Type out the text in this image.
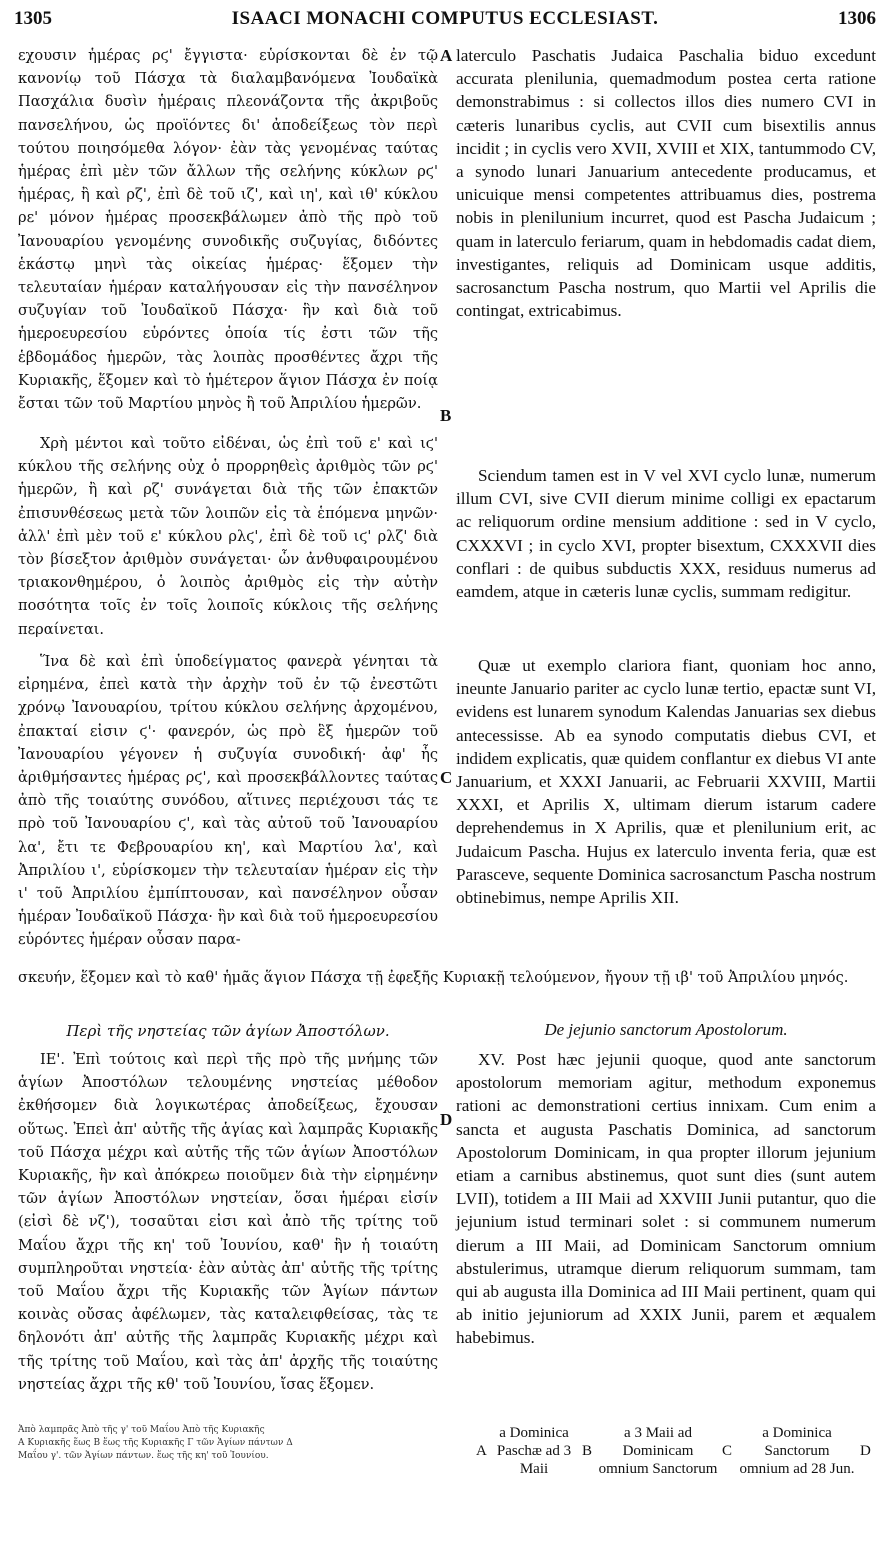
1305	ISAACI MONACHI COMPUTUS ECCLESIAST.	1306

εχουσιν ἡμέρας ρϛ' ἔγγιστα· εὑρίσκονται δὲ ἐν τῷ κανονίῳ τοῦ Πάσχα τὰ διαλαμβανόμενα Ἰουδαϊκὰ Πασχάλια δυσὶν ἡμέραις πλεονάζοντα τῆς ἀκριβοῦς πανσελήνου, ὡς προϊόντες δι' ἀποδείξεως τὸν περὶ τούτου ποιησόμεθα λόγον· ἐὰν τὰς γενομένας ταύτας ἡμέρας ἐπὶ μὲν τῶν ἄλλων τῆς σελήνης κύκλων ρϛ' ἡμέρας, ἢ καὶ ρζ', ἐπὶ δὲ τοῦ ιζ', καὶ ιη', καὶ ιθ' κύκλου ρε' μόνον ἡμέρας προσεκβάλωμεν ἀπὸ τῆς πρὸ τοῦ Ἰανουαρίου γενομένης συνοδικῆς συζυγίας, διδόντες ἑκάστῳ μηνὶ τὰς οἰκείας ἡμέρας· ἕξομεν τὴν τελευταίαν ἡμέραν καταλήγουσαν εἰς τὴν πανσέληνον συζυγίαν τοῦ Ἰουδαϊκοῦ Πάσχα· ἣν καὶ διὰ τοῦ ἡμεροευρεσίου εὑρόντες ὁποία τίς ἐστι τῶν τῆς ἑβδομάδος ἡμερῶν, τὰς λοιπὰς προσθέντες ἄχρι τῆς Κυριακῆς, ἕξομεν καὶ τὸ ἡμέτερον ἅγιον Πάσχα ἐν ποίᾳ ἔσται τῶν τοῦ Μαρτίου μηνὸς ἢ τοῦ Ἀπριλίου ἡμερῶν.

Χρὴ μέντοι καὶ τοῦτο εἰδέναι, ὡς ἐπὶ τοῦ ε' καὶ ιϛ' κύκλου τῆς σελήνης οὐχ ὁ προρρηθεὶς ἀριθμὸς τῶν ρϛ' ἡμερῶν, ἢ καὶ ρζ' συνάγεται διὰ τῆς τῶν ἐπακτῶν ἐπισυνθέσεως μετὰ τῶν λοιπῶν εἰς τὰ ἑπόμενα μηνῶν· ἀλλ' ἐπὶ μὲν τοῦ ε' κύκλου ρλϛ', ἐπὶ δὲ τοῦ ιϛ' ρλζ' διὰ τὸν βίσεξτον ἀριθμὸν συνάγεται· ὧν ἀνθυφαιρουμένου τριακονθημέρου, ὁ λοιπὸς ἀριθμὸς εἰς τὴν αὐτὴν ποσότητα τοῖς ἐν τοῖς λοιποῖς κύκλοις τῆς σελήνης περαίνεται.

Ἵνα δὲ καὶ ἐπὶ ὑποδείγματος φανερὰ γένηται τὰ εἰρημένα, ἐπεὶ κατὰ τὴν ἀρχὴν τοῦ ἐν τῷ ἐνεστῶτι χρόνῳ Ἰανουαρίου, τρίτου κύκλου σελήνης ἀρχομένου, ἐπακταί εἰσιν ϛ'· φανερόν, ὡς πρὸ ἓξ ἡμερῶν τοῦ Ἰανουαρίου γέγονεν ἡ συζυγία συνοδική· ἀφ' ἧς ἀριθμήσαντες ἡμέρας ρϛ', καὶ προσεκβάλλοντες ταύτας ἀπὸ τῆς τοιαύτης συνόδου, αἵτινες περιέχουσι τάς τε πρὸ τοῦ Ἰανουαρίου ϛ', καὶ τὰς αὐτοῦ τοῦ Ἰανουαρίου λα', ἔτι τε Φεβρουαρίου κη', καὶ Μαρτίου λα', καὶ Ἀπριλίου ι', εὑρίσκομεν τὴν τελευταίαν ἡμέραν εἰς τὴν ι' τοῦ Ἀπριλίου ἐμπίπτουσαν, καὶ πανσέληνον οὖσαν ἡμέραν Ἰουδαϊκοῦ Πάσχα· ἣν καὶ διὰ τοῦ ἡμεροευρεσίου εὑρόντες ἡμέραν οὖσαν παρα-

laterculo Paschatis Judaica Paschalia biduo excedunt accurata plenilunia, quemadmodum postea certa ratione demonstrabimus : si collectos illos dies numero CVI in cæteris lunaribus cyclis, aut CVII cum bisextilis annus incidit ; in cyclis vero XVII, XVIII et XIX, tantummodo CV, a synodo lunari Januarium antecedente producamus, et unicuique mensi competentes attribuamus dies, postrema nobis in plenilunium incurret, quod est Pascha Judaicum ; quam in laterculo feriarum, quam in hebdomadis cadat diem, investigantes, reliquis ad Dominicam usque additis, sacrosanctum Pascha nostrum, quo Martii vel Aprilis die contingat, extricabimus.

Sciendum tamen est in V vel XVI cyclo lunæ, numerum illum CVI, sive CVII dierum minime colligi ex epactarum ac reliquorum ordine mensium additione : sed in V cyclo, CXXXVI ; in cyclo XVI, propter bisextum, CXXXVII dies conflari : de quibus subductis XXX, residuus numerus ad eamdem, atque in cæteris lunæ cyclis, summam redigitur.

Quæ ut exemplo clariora fiant, quoniam hoc anno, ineunte Januario pariter ac cyclo lunæ tertio, epactæ sunt VI, evidens est lunarem synodum Kalendas Januarias sex diebus antecessisse. Ab ea synodo computatis diebus CVI, et indidem explicatis, quæ quidem conflantur ex diebus VI ante Januarium, et XXXI Januarii, ac Februarii XXVIII, Martii XXXI, et Aprilis X, ultimam dierum istarum cadere deprehendemus in X Aprilis, quæ et plenilunium erit, ac Judaicum Pascha. Hujus ex laterculo inventa feria, quæ est Parasceve, sequente Dominica sacrosanctum Pascha nostrum obtinebimus, nempe Aprilis XII.

σκευήν, ἕξομεν καὶ τὸ καθ' ἡμᾶς ἅγιον Πάσχα τῇ ἐφεξῆς Κυριακῇ τελούμενον, ἤγουν τῇ ιβ' τοῦ Ἀπριλίου μηνός.
Περὶ τῆς νηστείας τῶν ἁγίων Ἀποστόλων.	De jejunio sanctorum Apostolorum.

ΙΕ'. Ἐπὶ τούτοις καὶ περὶ τῆς πρὸ τῆς μνήμης τῶν ἁγίων Ἀποστόλων τελουμένης νηστείας μέθοδον ἐκθήσομεν διὰ λογικωτέρας ἀποδείξεως, ἔχουσαν οὕτως. Ἐπεὶ ἀπ' αὐτῆς τῆς ἁγίας καὶ λαμπρᾶς Κυριακῆς τοῦ Πάσχα μέχρι καὶ αὐτῆς τῆς τῶν ἁγίων Ἀποστόλων Κυριακῆς, ἣν καὶ ἀπόκρεω ποιοῦμεν διὰ τὴν εἰρημένην τῶν ἁγίων Ἀποστόλων νηστείαν, ὅσαι ἡμέραι εἰσίν (εἰσὶ δὲ νζ'), τοσαῦται εἰσι καὶ ἀπὸ τῆς τρίτης τοῦ Μαΐου ἄχρι τῆς κη' τοῦ Ἰουνίου, καθ' ἣν ἡ τοιαύτη συμπληροῦται νηστεία· ἐὰν αὐτὰς ἀπ' αὐτῆς τῆς τρίτης τοῦ Μαΐου ἄχρι τῆς Κυριακῆς τῶν Ἁγίων πάντων κοινὰς οὔσας ἀφέλωμεν, τὰς καταλειφθείσας, τὰς τε δηλονότι ἀπ' αὐτῆς τῆς λαμπρᾶς Κυριακῆς μέχρι καὶ τῆς τρίτης τοῦ Μαΐου, καὶ τὰς ἀπ' ἀρχῆς τῆς τοιαύτης νηστείας ἄχρι τῆς κθ' τοῦ Ἰουνίου, ἴσας ἕξομεν.

XV. Post hæc jejunii quoque, quod ante sanctorum apostolorum memoriam agitur, methodum exponemus rationi ac demonstrationi certius innixam. Cum enim a sancta et augusta Paschatis Dominica, ad sanctorum Apostolorum Dominicam, in qua propter illorum jejunium etiam a carnibus abstinemus, quot sunt dies (sunt autem LVII), totidem a III Maii ad XXVIII Junii putantur, quo die jejunium istud terminari solet : si communem numerum dierum a III Maii, ad Dominicam Sanctorum omnium abstulerimus, utramque dierum reliquorum summam, tam qui ab augusta illa Dominica ad III Maii pertinent, quam qui ab initio jejuniorum ad XXIX Junii, parem et æqualem habebimus.

A
B
C
D
Ἀπὸ λαμπρᾶς Ἀπὸ τῆς γ' τοῦ Μαΐου Ἀπὸ τῆς Κυριακῆς
Α Κυριακῆς ἕως Β ἕως τῆς Κυριακῆς Γ τῶν Ἁγίων πάντων Δ
Μαΐου γ'. τῶν Ἁγίων πάντων. ἕως τῆς κη' τοῦ Ἰουνίου.	A
a Dominica Paschæ ad 3 Maii
B
a 3 Maii ad Dominicam omnium Sanctorum
C
a Dominica Sanctorum omnium ad 28 Jun.
D
